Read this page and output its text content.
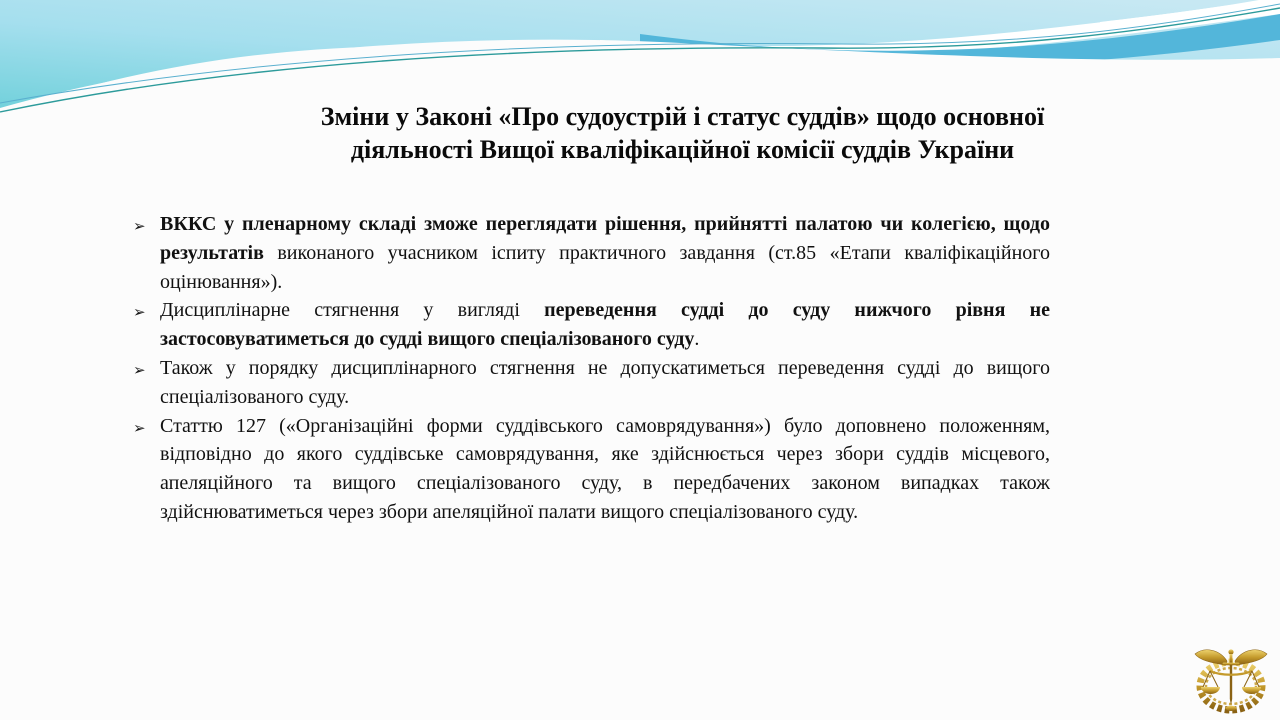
Зміни у Законі «Про судоустрій і статус суддів» щодо основної
діяльності Вищої кваліфікаційної комісії суддів України
➢ ВККС у пленарному складі зможе переглядати рішення, прийнятті палатою чи колегією, щодо результатів виконаного учасником іспиту практичного завдання (ст.85 «Етапи кваліфікаційного оцінювання»).
➢ Дисциплінарне стягнення у вигляді переведення судді до суду нижчого рівня не застосовуватиметься до судді вищого спеціалізованого суду.
➢ Також у порядку дисциплінарного стягнення не допускатиметься переведення судді до вищого спеціалізованого суду.
➢ Статтю 127 («Організаційні форми суддівського самоврядування») було доповнено положенням, відповідно до якого суддівське самоврядування, яке здійснюється через збори суддів місцевого, апеляційного та вищого спеціалізованого суду, в передбачених законом випадках також здійснюватиметься через збори апеляційної палати вищого спеціалізованого суду.
